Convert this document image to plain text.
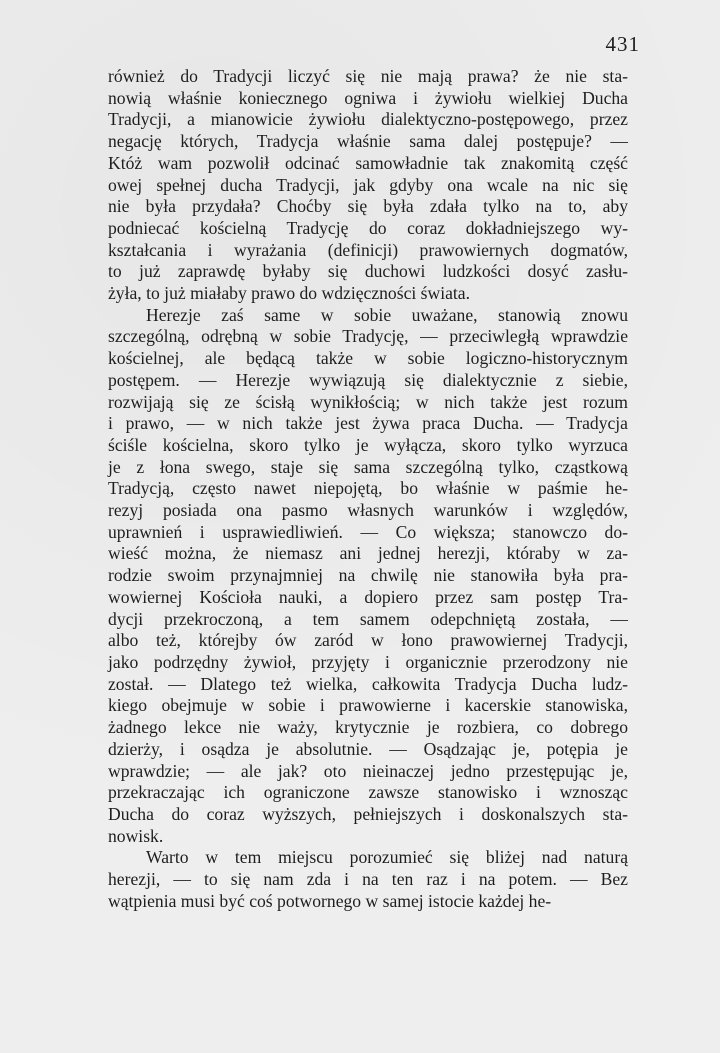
431

również do Tradycji liczyć się nie mają prawa? że nie sta-
nowią właśnie koniecznego ogniwa i żywiołu wielkiej Ducha
Tradycji, a mianowicie żywiołu dialektyczno-postępowego, przez
negację których, Tradycja właśnie sama dalej postępuje? —
Któż wam pozwolił odcinać samowładnie tak znakomitą część
owej spełnej ducha Tradycji, jak gdyby ona wcale na nic się
nie była przydała? Choćby się była zdała tylko na to, aby
podniecać kościelną Tradycję do coraz dokładniejszego wy-
kształcania i wyrażania (definicji) prawowiernych dogmatów,
to już zaprawdę byłaby się duchowi ludzkości dosyć zasłu-
żyła, to już miałaby prawo do wdzięczności świata.

Herezje zaś same w sobie uważane, stanowią znowu
szczególną, odrębną w sobie Tradycję, — przeciwległą wprawdzie
kościelnej, ale będącą także w sobie logiczno-historycznym
postępem. — Herezje wywiązują się dialektycznie z siebie,
rozwijają się ze ścisłą wynikłością; w nich także jest rozum
i prawo, — w nich także jest żywa praca Ducha. — Tradycja
ściśle kościelna, skoro tylko je wyłącza, skoro tylko wyrzuca
je z łona swego, staje się sama szczególną tylko, cząstkową
Tradycją, często nawet niepojętą, bo właśnie w paśmie he-
rezyj posiada ona pasmo własnych warunków i względów,
uprawnień i usprawiedliwień. — Co większa; stanowczo do-
wieść można, że niemasz ani jednej herezji, któraby w za-
rodzie swoim przynajmniej na chwilę nie stanowiła była pra-
wowiernej Kościoła nauki, a dopiero przez sam postęp Tra-
dycji przekroczoną, a tem samem odepchniętą została, —
albo też, którejby ów zaród w łono prawowiernej Tradycji,
jako podrzędny żywioł, przyjęty i organicznie przerodzony nie
został. — Dlatego też wielka, całkowita Tradycja Ducha ludz-
kiego obejmuje w sobie i prawowierne i kacerskie stanowiska,
żadnego lekce nie waży, krytycznie je rozbiera, co dobrego
dzierży, i osądza je absolutnie. — Osądzając je, potępia je
wprawdzie; — ale jak? oto nieinaczej jedno przestępując je,
przekraczając ich ograniczone zawsze stanowisko i wznosząc
Ducha do coraz wyższych, pełniejszych i doskonalszych sta-
nowisk.

Warto w tem miejscu porozumieć się bliżej nad naturą
herezji, — to się nam zda i na ten raz i na potem. — Bez
wątpienia musi być coś potwornego w samej istocie każdej he-
